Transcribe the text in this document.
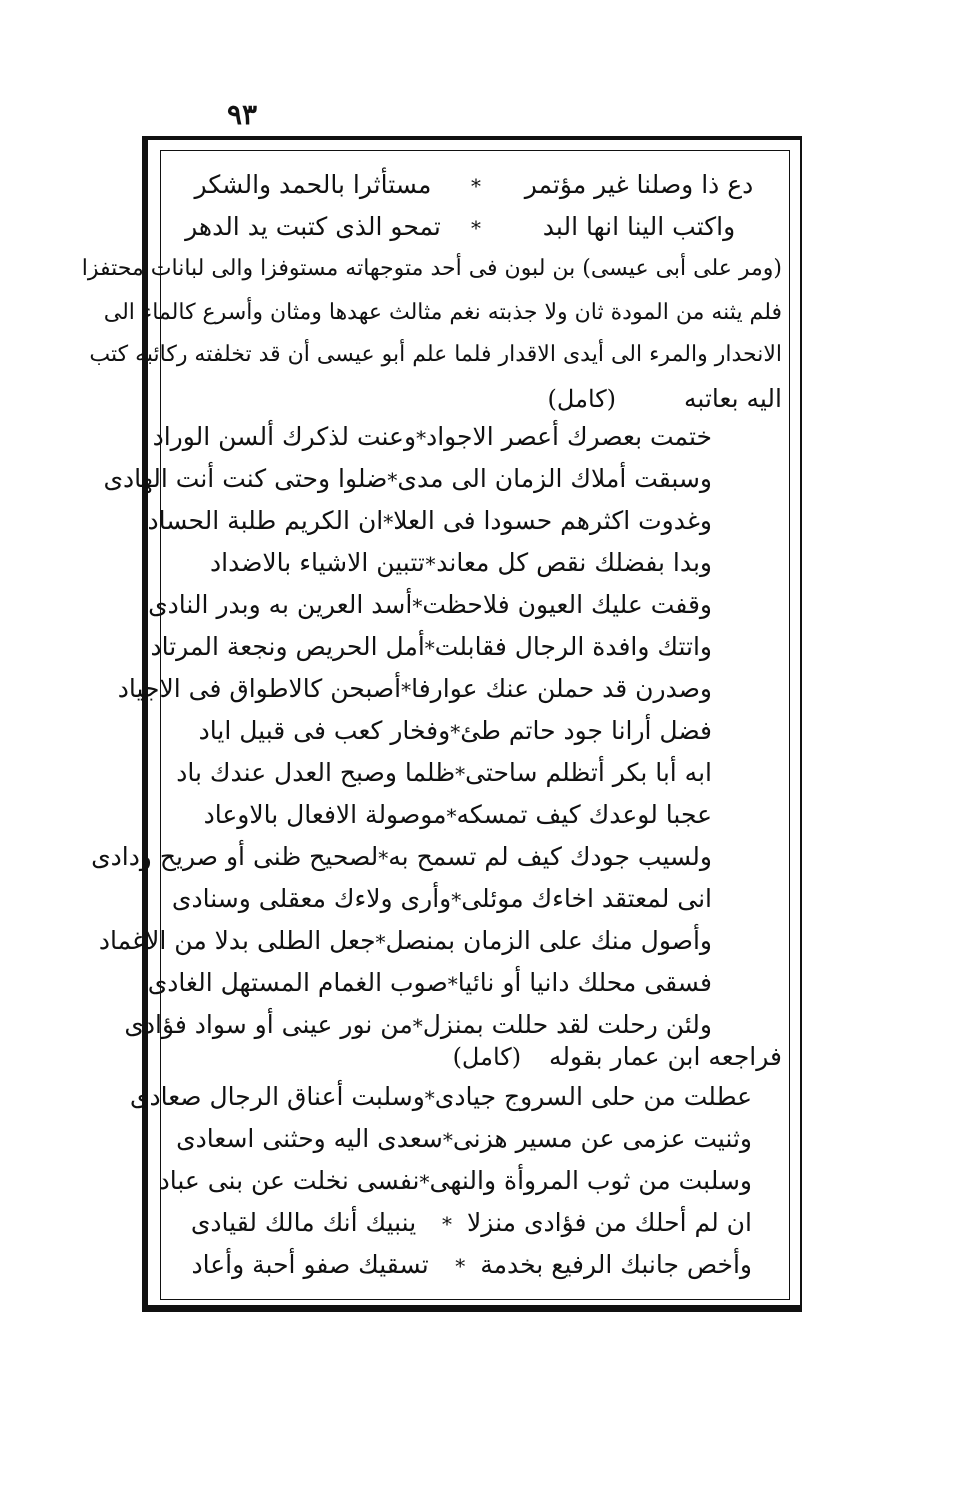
٩٣
دع ذا وصلنا غير مؤتمر
*
مستأثرا بالحمد والشكر
واكتب الينا انها البد
*
تمحو الذى كتبت يد الدهر
(ومر على أبى عيسى) بن لبون فى أحد متوجهاته مستوفزا والى لبانات محتفزا
فلم يثنه من المودة ثان ولا جذبته نغم مثالث عهدها ومثان وأسرع كالماء الى
الانحدار والمرء الى أيدى الاقدار فلما علم أبو عيسى أن قد تخلفته ركائبه كتب
اليه بعاتبه (كامل)
ختمت بعصرك أعصر الاجواد
*
وعنت لذكرك ألسن الوراد
وسبقت أملاك الزمان الى مدى
*
ضلوا وحتى كنت أنت الهادى
وغدوت اكثرهم حسودا فى العلا
*
ان الكريم طلبة الحساد
وبدا بفضلك نقص كل معاند
*
تتبين الاشياء بالاضداد
وقفت عليك العيون فلاحظت
*
أسد العرين به وبدر النادى
واتتك وافدة الرجال فقابلت
*
أمل الحريص ونجعة المرتاد
وصدرن قد حملن عنك عوارفا
*
أصبحن كالاطواق فى الاجياد
فضل أرانا جود حاتم طئ
*
وفخار كعب فى قبيل اياد
ابه أبا بكر أتظلم ساحتى
*
ظلما وصبح العدل عندك باد
عجبا لوعدك كيف تمسكه
*
موصولة الافعال بالاوعاد
ولسيب جودك كيف لم تسمح به
*
لصحيح ظنى أو صريح ودادى
انى لمعتقد اخاءك موئلى
*
وأرى ولاءك معقلى وسنادى
وأصول منك على الزمان بمنصل
*
جعل الطلى بدلا من الاغماد
فسقى محلك دانيا أو نائيا
*
صوب الغمام المستهل الغادى
ولئن رحلت لقد حللت بمنزل
*
من نور عينى أو سواد فؤادى
فراجعه ابن عمار بقوله (كامل)
عطلت من حلى السروج جيادى
*
وسلبت أعناق الرجال صعادى
وثنيت عزمى عن مسير هزنى
*
سعدى اليه وحثنى اسعادى
وسلبت من ثوب المروأة والنهى
*
نفسى نخلت عن بنى عباد
ان لم أحلك من فؤادى منزلا
*
ينبيك أنك مالك لقيادى
وأخص جانبك الرفيع بخدمة
*
تسقيك صفو أحبة وأعاد
